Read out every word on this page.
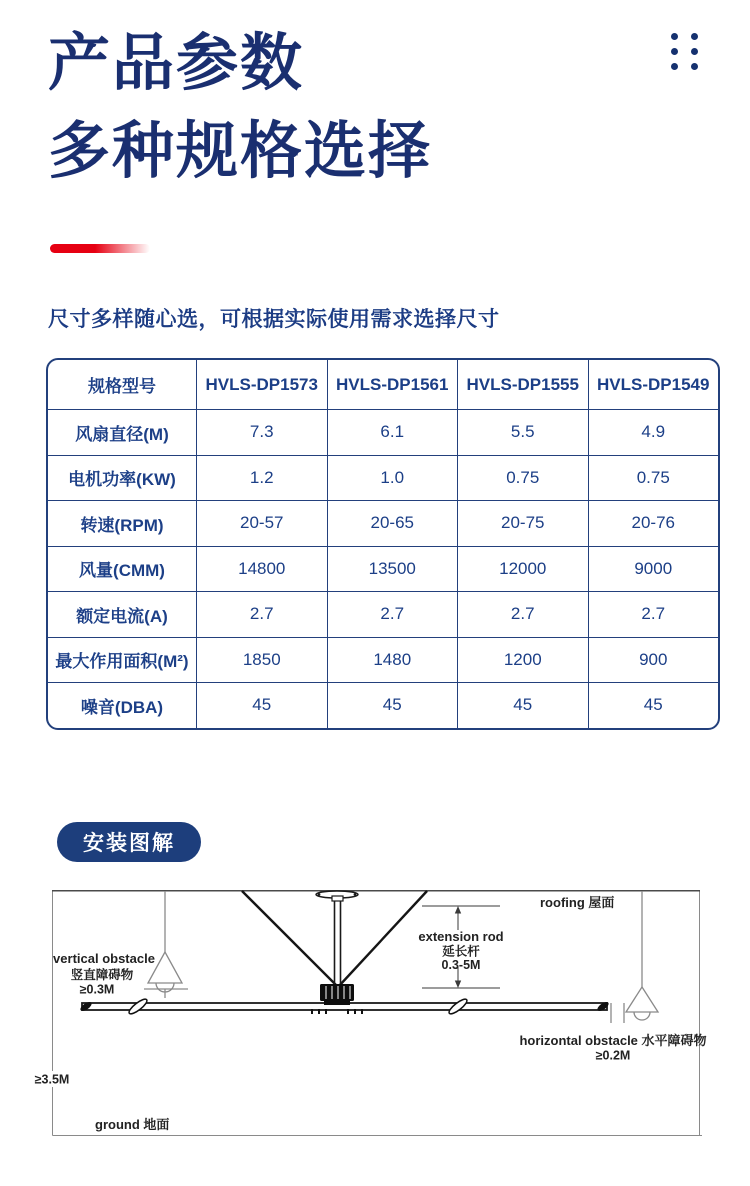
产品参数
多种规格选择

尺寸多样随心选，可根据实际使用需求选择尺寸

规格型号	HVLS-DP1573	HVLS-DP1561	HVLS-DP1555	HVLS-DP1549
风扇直径(M)	7.3	6.1	5.5	4.9
电机功率(KW)	1.2	1.0	0.75	0.75
转速(RPM)	20-57	20-65	20-75	20-76
风量(CMM)	14800	13500	12000	9000
额定电流(A)	2.7	2.7	2.7	2.7
最大作用面积(M²)	1850	1480	1200	900
噪音(DBA)	45	45	45	45
安装图解
roofing 屋面
extension rod
延长杆
0.3-5M
vertical obstacle
竖直障碍物
≥0.3M
horizontal obstacle 水平障碍物
≥0.2M
≥3.5M
ground 地面
